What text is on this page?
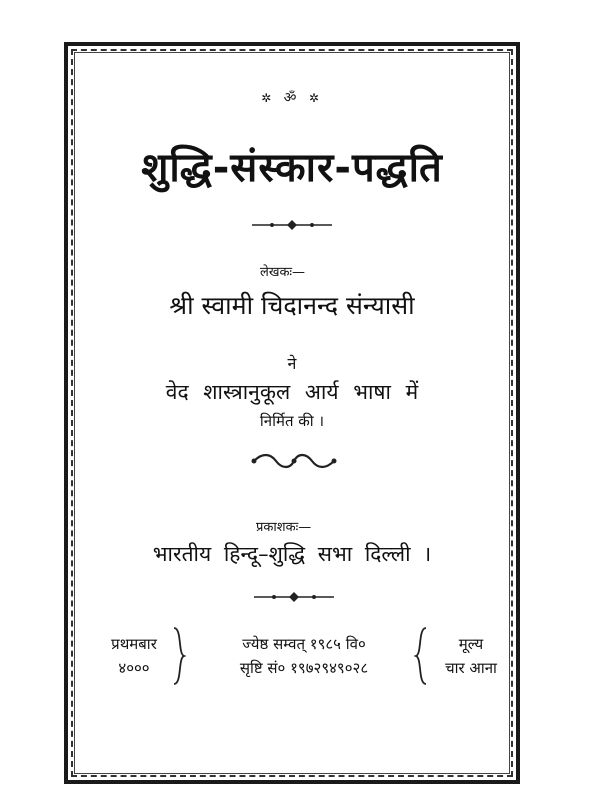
✲ ॐ ✲
शुद्धि-संस्कार-पद्धति
लेखकः—
श्री स्वामी चिदानन्द संन्यासी
ने
वेद शास्त्रानुकूल आर्य भाषा में
निर्मित की ।
प्रकाशकः—
भारतीय हिन्दू–शुद्धि सभा दिल्ली ।
प्रथमबार
४०००
ज्येष्ठ सम्वत् १९८५ वि०
सृष्टि सं० १९७२९४९०२८
मूल्य
चार आना
